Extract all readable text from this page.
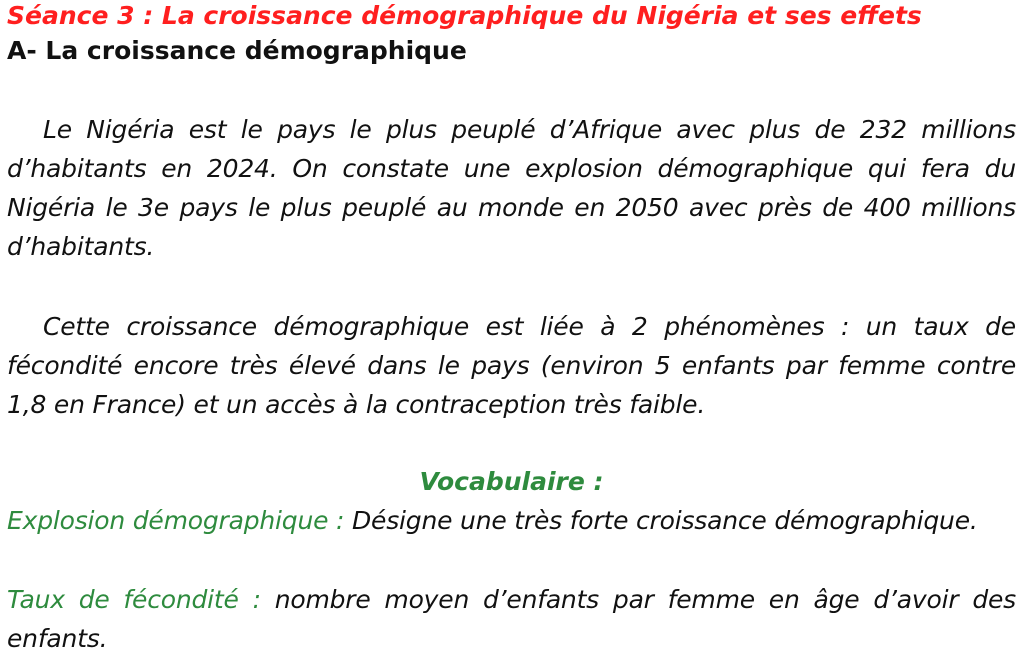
Séance 3 : La croissance démographique du Nigéria et ses effets
A- La croissance démographique

Le Nigéria est le pays le plus peuplé d’Afrique avec plus de 232 millions d’habitants en 2024. On constate une explosion démographique qui fera du Nigéria le 3e pays le plus peuplé au monde en 2050 avec près de 400 millions d’habitants.

Cette croissance démographique est liée à 2 phénomènes : un taux de fécondité encore très élevé dans le pays (environ 5 enfants par femme contre 1,8 en France) et un accès à la contraception très faible.

Vocabulaire :

Explosion démographique : Désigne une très forte croissance démographique.

Taux de fécondité : nombre moyen d’enfants par femme en âge d’avoir des enfants.
